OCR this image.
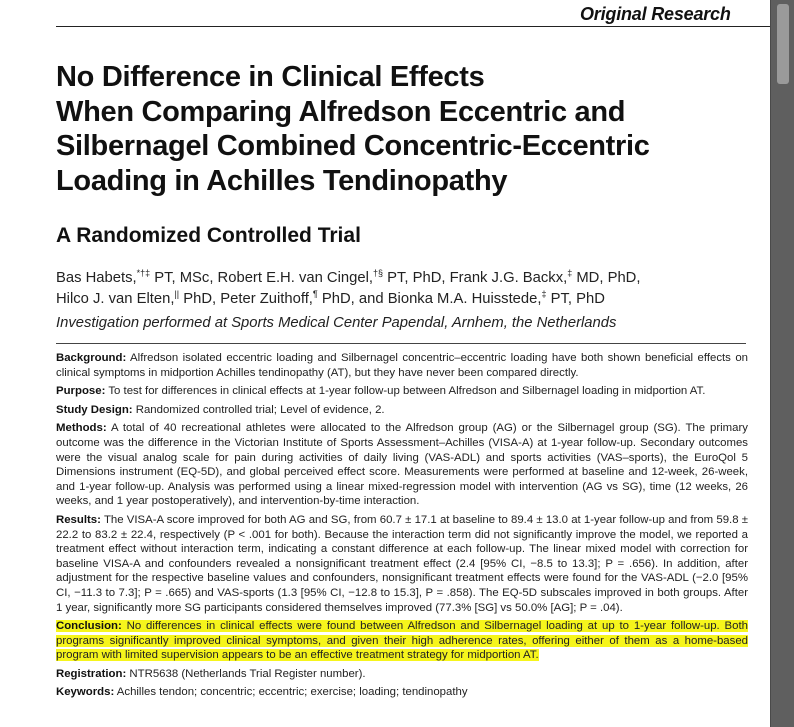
Original Research
No Difference in Clinical Effects
When Comparing Alfredson Eccentric and
Silbernagel Combined Concentric-Eccentric
Loading in Achilles Tendinopathy
A Randomized Controlled Trial
Bas Habets,*†‡ PT, MSc, Robert E.H. van Cingel,†§ PT, PhD, Frank J.G. Backx,‡ MD, PhD,
Hilco J. van Elten,|| PhD, Peter Zuithoff,¶ PhD, and Bionka M.A. Huisstede,‡ PT, PhD
Investigation performed at Sports Medical Center Papendal, Arnhem, the Netherlands

Background: Alfredson isolated eccentric loading and Silbernagel concentric–eccentric loading have both shown beneficial effects on clinical symptoms in midportion Achilles tendinopathy (AT), but they have never been compared directly.

Purpose: To test for differences in clinical effects at 1-year follow-up between Alfredson and Silbernagel loading in midportion AT.

Study Design: Randomized controlled trial; Level of evidence, 2.

Methods: A total of 40 recreational athletes were allocated to the Alfredson group (AG) or the Silbernagel group (SG). The primary outcome was the difference in the Victorian Institute of Sports Assessment–Achilles (VISA-A) at 1-year follow-up. Secondary outcomes were the visual analog scale for pain during activities of daily living (VAS-ADL) and sports activities (VAS–sports), the EuroQol 5 Dimensions instrument (EQ-5D), and global perceived effect score. Measurements were performed at baseline and 12-week, 26-week, and 1-year follow-up. Analysis was performed using a linear mixed-regression model with intervention (AG vs SG), time (12 weeks, 26 weeks, and 1 year postoperatively), and intervention-by-time interaction.

Results: The VISA-A score improved for both AG and SG, from 60.7 ± 17.1 at baseline to 89.4 ± 13.0 at 1-year follow-up and from 59.8 ± 22.2 to 83.2 ± 22.4, respectively (P < .001 for both). Because the interaction term did not significantly improve the model, we reported a treatment effect without interaction term, indicating a constant difference at each follow-up. The linear mixed model with correction for baseline VISA-A and confounders revealed a nonsignificant treatment effect (2.4 [95% CI, −8.5 to 13.3]; P = .656). In addition, after adjustment for the respective baseline values and confounders, nonsignificant treatment effects were found for the VAS-ADL (−2.0 [95% CI, −11.3 to 7.3]; P = .665) and VAS-sports (1.3 [95% CI, −12.8 to 15.3], P = .858). The EQ-5D subscales improved in both groups. After 1 year, significantly more SG participants considered themselves improved (77.3% [SG] vs 50.0% [AG]; P = .04).

Conclusion: No differences in clinical effects were found between Alfredson and Silbernagel loading at up to 1-year follow-up. Both programs significantly improved clinical symptoms, and given their high adherence rates, offering either of them as a home-based program with limited supervision appears to be an effective treatment strategy for midportion AT.

Registration: NTR5638 (Netherlands Trial Register number).

Keywords: Achilles tendon; concentric; eccentric; exercise; loading; tendinopathy
